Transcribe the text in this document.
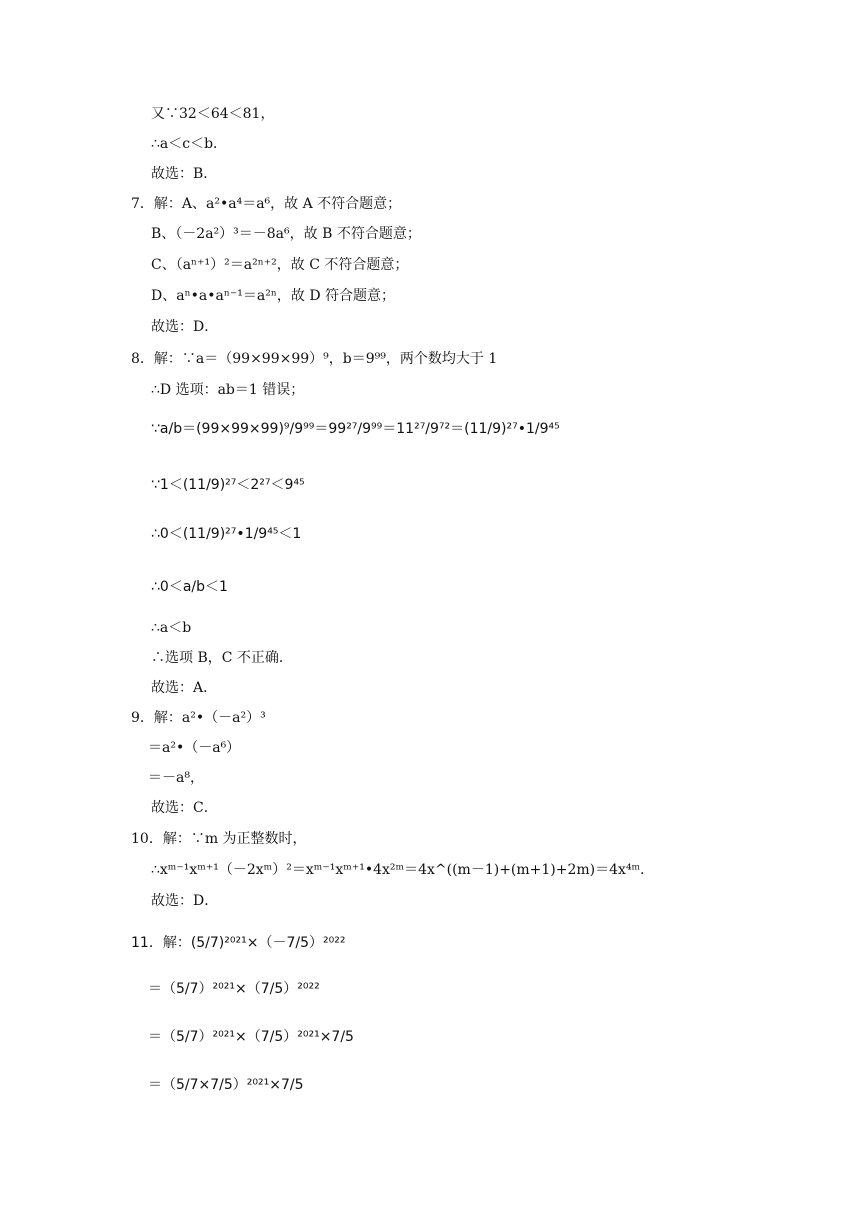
又∵32＜64＜81，
∴a＜c＜b．
故选：B．
7．解：A、a²•a⁴＝a⁶，故 A 不符合题意；
B、（－2a²）³＝－8a⁶，故 B 不符合题意；
C、（aⁿ⁺¹）²＝a²ⁿ⁺²，故 C 不符合题意；
D、aⁿ•a•aⁿ⁻¹＝a²ⁿ，故 D 符合题意；
故选：D．
8．解：∵a＝（99×99×99）⁹，b＝9⁹⁹，两个数均大于 1
∴D 选项：ab＝1 错误；
∵a/b＝(99×99×99)⁹/9⁹⁹＝99²⁷/9⁹⁹＝11²⁷/9⁷²＝(11/9)²⁷•1/9⁴⁵
∵1＜(11/9)²⁷＜2²⁷＜9⁴⁵
∴0＜(11/9)²⁷•1/9⁴⁵＜1
∴0＜a/b＜1
∴a＜b
∴选项 B，C 不正确．
故选：A．
9．解：a²•（－a²）³
＝a²•（－a⁶）
＝－a⁸，
故选：C．
10．解：∵m 为正整数时，
∴xᵐ⁻¹xᵐ⁺¹（－2xᵐ）²＝xᵐ⁻¹xᵐ⁺¹•4x²ᵐ＝4x^((m－1)+(m+1)+2m)＝4x⁴ᵐ．
故选：D．
11．解：(5/7)²⁰²¹×（－7/5）²⁰²²
＝（5/7）²⁰²¹×（7/5）²⁰²²
＝（5/7）²⁰²¹×（7/5）²⁰²¹×7/5
＝（5/7×7/5）²⁰²¹×7/5
